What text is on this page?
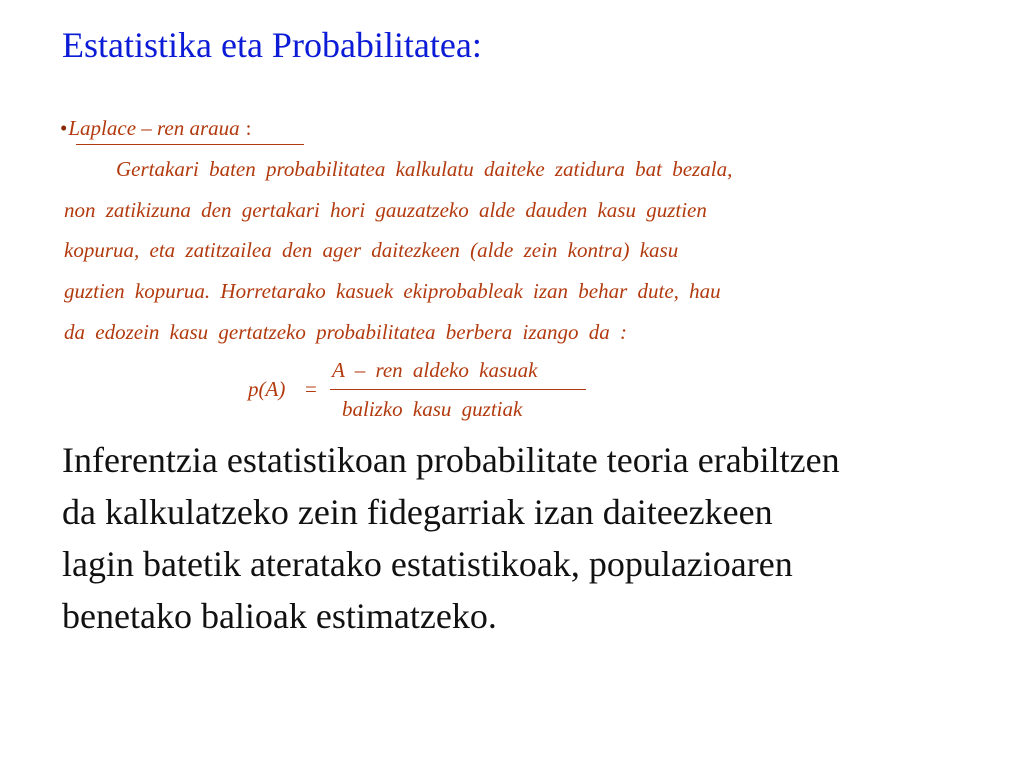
Estatistika eta Probabilitatea:
•Laplace – ren araua :
Gertakari baten probabilitatea kalkulatu daiteke zatidura bat bezala,
non zatikizuna den gertakari hori gauzatzeko alde dauden kasu guztien
kopurua, eta zatitzailea den ager daitezkeen (alde zein kontra) kasu
guztien kopurua. Horretarako kasuek ekiprobableak izan behar dute, hau
da edozein kasu gertatzeko probabilitatea berbera izango da :
p(A) =
A – ren aldeko kasuak
balizko kasu guztiak
Inferentzia estatistikoan probabilitate teoria erabiltzen
da kalkulatzeko zein fidegarriak izan daiteezkeen
lagin batetik ateratako estatistikoak, populazioaren
benetako balioak estimatzeko.
